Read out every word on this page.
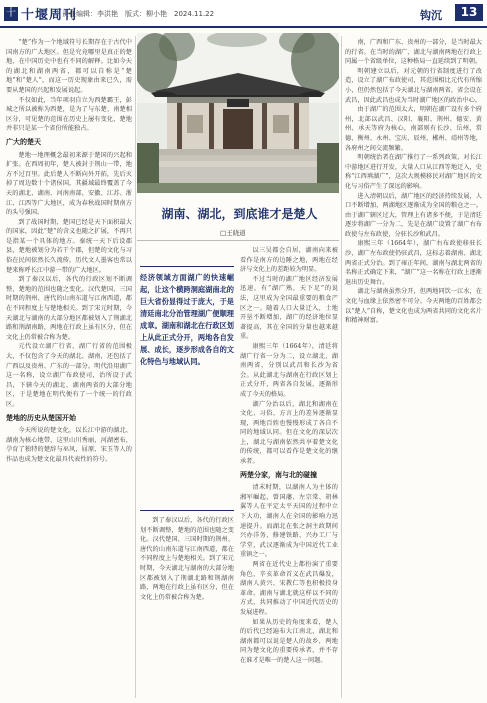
十 十堰周刊
责任编辑：李洪艳　版式：柳小艳　2024.11.22	钩沉	13

“楚”作为一个地域符号长期存在于古代中国南方的广大地区。但是究竟哪里是真正的楚地，在中国历史中也有不同的解释。比如今天的湖北和湖南两省，都可以自称是“楚地”和“楚人”，而这一历史现象由来已久，需要从楚国的兴起和发展说起。

不仅如此，当年项羽自立为西楚霸王，彭城之所以被称为西楚，是为了与东楚、南楚相区分，可见楚的范围在历史上屡有变化，楚地并非只是某一个省份所能独占。

广大的楚天

楚地一地理概念最初来源于楚国的兴起和扩张。在西周初年，楚人被封于荆山一带，地方不过百里。此后楚人不断向外开拓，先后灭掉了周边数十个诸侯国，其疆域最终覆盖了今天的湖北、湖南、河南南部、安徽、江苏、浙江、江西等广大地区，成为春秋战国时期南方的头号强国。

到了战国时期，楚国已经是天下面积最大的国家，因此“楚”的含义也随之扩展，不再只是指某一个具体的地方。秦统一天下后设郡县，楚地被划分为若干个郡，但楚的文化与习俗在民间依然长久流传，历代文人墨客也常以楚来称呼长江中游一带的广大地区。

到了秦汉以后，各代的行政区划不断调整，楚地的范围也随之变化。汉代楚国、三国时期的荆州、唐代的山南东道与江南西道，都在不同程度上与楚地相关。到了宋元时期，今天湖北与湖南的大部分地区都被划入了荆湖北路和荆湖南路，两地在行政上虽有区分，但在文化上仍常被合称为楚。

元代设立湖广行省，湖广行省的范围极大，不仅包含了今天的湖北、湖南，还包括了广西以及贵州、广东的一部分。明代沿用湖广这一名称，设立湖广布政使司，治所设于武昌，下辖今天的湖北、湖南两省的大部分地区，于是楚地在明代便有了一个统一的行政区。

楚地的历史从楚国开始

今天所说的楚文化，以长江中游的湖北、湖南为核心地带，这里山川秀丽，河湖密布，孕育了独特的楚辞与巫风，屈原、宋玉等人的作品也成为楚文化最具代表性的符号。

湖南、湖北，到底谁才是楚人
□王晓道
经济领域方面湖广的快速崛起，让这个横跨洞庭湖南北的巨大省份显得过于庞大，于是清廷南北分治管理湖广便顺理成章。湖南和湖北在行政区划上从此正式分开，两地各自发展、成长，逐步形成各自的文化特色与地域认同。

以三吴都会自居，湖南向来被看作是南方的边陲之地，两地在经济与文化上的差距较为明显。

不过当时的湖广地区经济发展迅速，有“湖广熟，天下足”的说法，这里成为全国最重要的粮食产区之一。随着人口大量迁入，土地开垦不断增加，湖广的经济地位显著提高，其在全国的分量也越来越重。

康熙三年（1664年），清廷将湖广行省一分为二，设立湖北、湖南两省，分别以武昌和长沙为省会。从此湖北与湖南在行政区划上正式分开，两省各自发展，逐渐形成了今天的格局。

湖广分治以后，湖北和湖南在文化、习俗、方言上的差异逐渐显现，两地百姓也慢慢形成了各自不同的地域认同。但在文化的深层次上，湖北与湖南依然共享着楚文化的传统，都可以看作是楚文化的继承者。

两楚分家，南与北的碰撞

清末时期，以湖南人为主体的湘军崛起，曾国藩、左宗棠、胡林翼等人在平定太平天国的过程中立下大功，湖南人在全国的影响力迅速提升。而湖北在张之洞主政期间兴办洋务，修建铁路、兴办工厂与学堂，武汉逐渐成为中国近代工业重镇之一。

两省在近代史上都扮演了重要角色，辛亥革命首义在武昌爆发，湖南人黄兴、宋教仁等也积极投身革命。湖南与湖北就这样以不同的方式，共同推动了中国近代历史的发展进程。

如果从历史的角度来看，楚人的后代已经遍布大江南北，湖北和湖南都可以说是楚人的故乡，两地同为楚文化的重要传承者，并不存在谁才是唯一的楚人这一问题。

到了秦汉以后，各代的行政区划不断调整，楚地的范围也随之变化。汉代楚国、三国时期的荆州、唐代的山南东道与江南西道，都在不同程度上与楚地相关。到了宋元时期，今天湖北与湖南的大部分地区都被划入了荆湖北路和荆湖南路，两地在行政上虽有区分，但在文化上仍常被合称为楚。

南，广西和广东、贵州的一部分，是当时最大的行省。在当时的湖广，湖北与湖南两地在行政上同属一个省级单位，这种格局一直延续到了明朝。

明朝建立以后，对元朝的行省制度进行了改造，设立了湖广布政使司，其范围相比元代有所缩小，但仍然包括了今天湖北与湖南两省，省会设在武昌，因此武昌也成为当时湖广地区的政治中心。

由于湖广的范围太大，明朝在湖广设有多个府州，北部以武昌、汉阳、襄阳、荆州、德安、黄州、承天等府为核心，南部则有长沙、岳州、常德、衡州、永州、宝庆、辰州、郴州、靖州等地，各府州之间交流频繁。

明朝统治者在湖广推行了一系列政策，对长江中游地区进行开发，大量人口从江西等地迁入，史称“江西填湖广”，这次大规模移民对湖广地区的文化与习俗产生了深远的影响。

进入清朝以后，湖广地区的经济持续发展，人口不断增加，两湖地区逐渐成为全国的粮仓之一。由于湖广辖区过大，管理上有诸多不便，于是清廷逐步将湖广一分为二，先是在湖广设置了湖广右布政使与左布政使，分驻长沙和武昌。

康熙三年（1664年），湖广右布政使移驻长沙，湖广左布政使仍驻武昌，这标志着湖南、湖北两省正式分治。到了雍正年间，湖南与湖北两省的名称正式确定下来，“湖广”这一名称在行政上逐渐退出历史舞台。

湖北与湖南虽然分开，但两地同饮一江水，在文化与血缘上依然密不可分。今天两地的百姓都会以“楚人”自称，楚文化也成为两省共同的文化名片和精神财富。
